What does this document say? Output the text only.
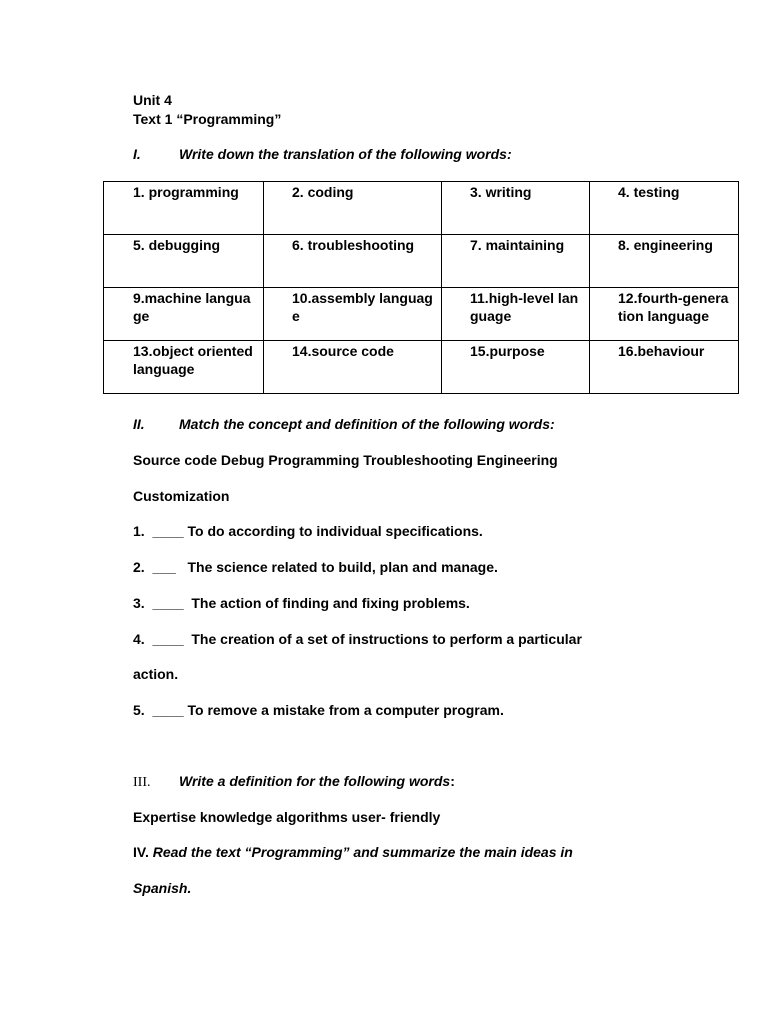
Unit 4
Text 1 “Programming”
I.	Write down the translation of the following words:
1. programming	2. coding	3. writing	4. testing
5. debugging	6. troubleshooting	7. maintaining	8. engineering
9.machine language	10.assembly language	11.high-level language	12.fourth-generation language
13.object oriented language	14.source code	15.purpose	16.behaviour
II. Match the concept and definition of the following words:
Source code Debug Programming Troubleshooting Engineering
Customization
1.  ____ To do according to individual specifications.
2.  ___   The science related to build, plan and manage.
3.  ____  The action of finding and fixing problems.
4.  ____  The creation of a set of instructions to perform a particular
action.
5.  ____ To remove a mistake from a computer program.
III. Write a definition for the following words:
Expertise knowledge algorithms user- friendly
IV. Read the text “Programming” and summarize the main ideas in
Spanish.
